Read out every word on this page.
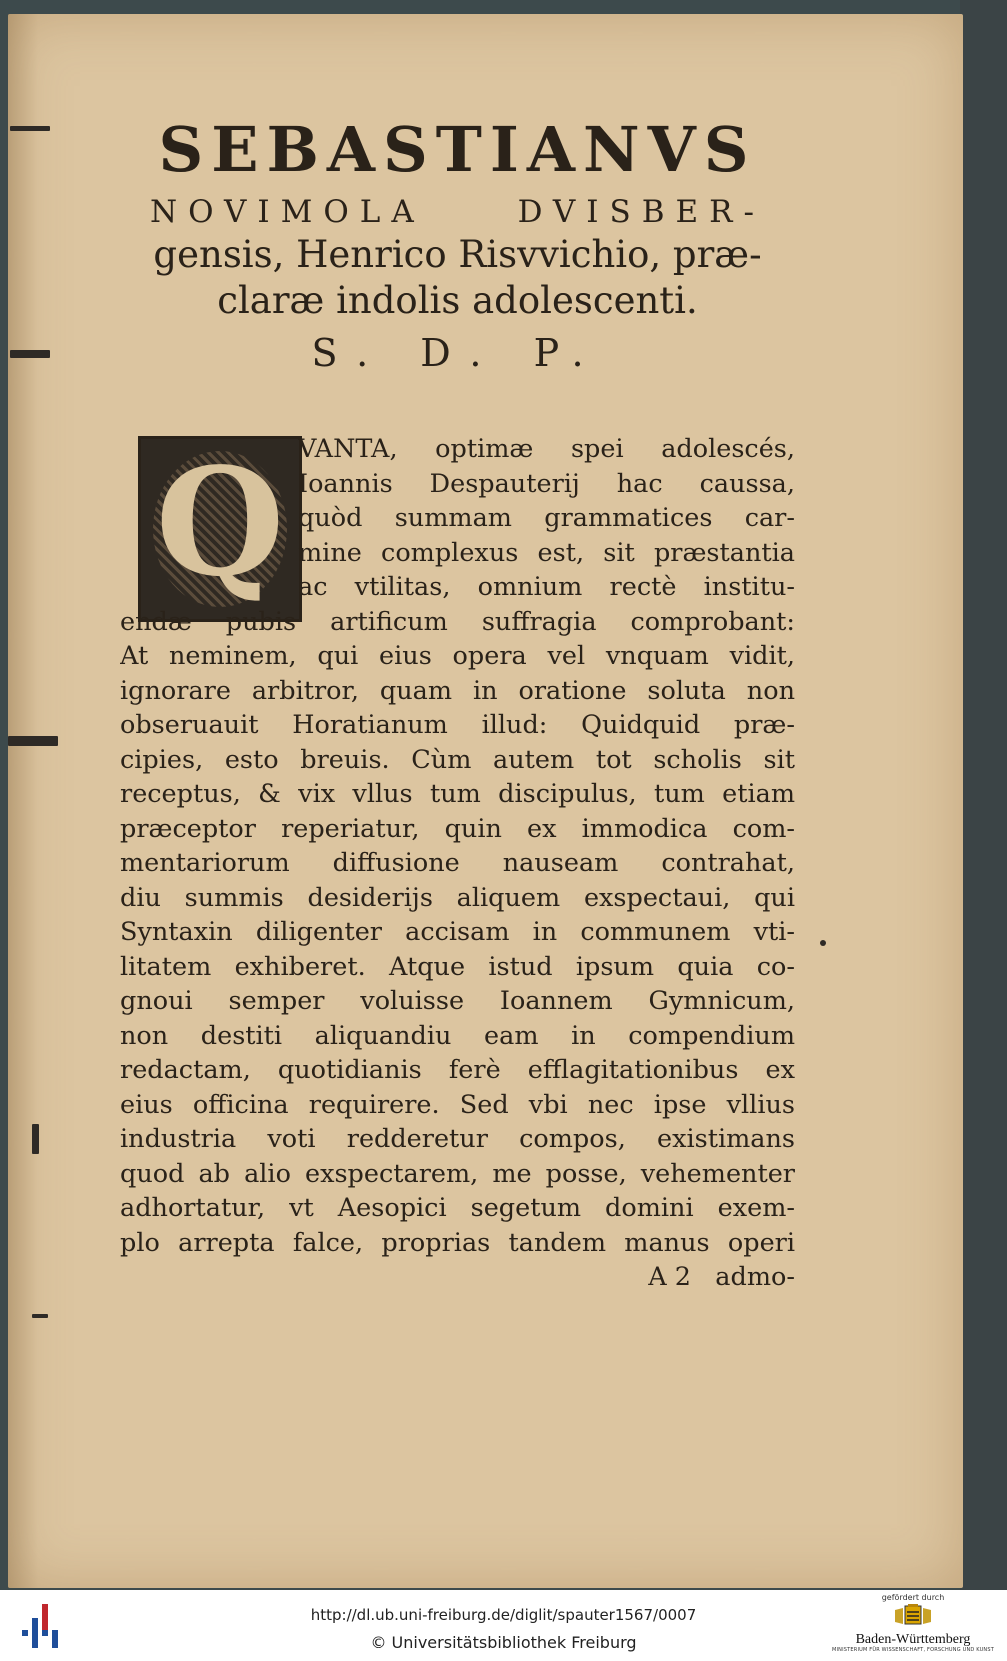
SEBASTIANVS
NOVIMOLA DVISBER-
gensis, Henrico Risvvichio, præ-
claræ indolis adolescenti.
S. D. P.
Q VANTA, optimæ spei adolescés,
Ioannis Despauterij hac caussa,
quòd summam grammatices car-
mine complexus est, sit præstantia
ac vtilitas, omnium rectè institu-
endæ pubis artificum suffragia comprobant:
At neminem, qui eius opera vel vnquam vidit,
ignorare arbitror, quam in oratione soluta non
obseruauit Horatianum illud: Quidquid præ-
cipies, esto breuis. Cùm autem tot scholis sit
receptus, & vix vllus tum discipulus, tum etiam
præceptor reperiatur, quin ex immodica com-
mentariorum diffusione nauseam contrahat,
diu summis desiderijs aliquem exspectaui, qui
Syntaxin diligenter accisam in communem vti-
litatem exhiberet. Atque istud ipsum quia co-
gnoui semper voluisse Ioannem Gymnicum,
non destiti aliquandiu eam in compendium
redactam, quotidianis ferè efflagitationibus ex
eius officina requirere. Sed vbi nec ipse vllius
industria voti redderetur compos, existimans
quod ab alio exspectarem, me posse, vehementer
adhortatur, vt Aesopici segetum domini exem-
plo arrepta falce, proprias tandem manus operi
A 2   admo-
http://dl.ub.uni-freiburg.de/diglit/spauter1567/0007
© Universitätsbibliothek Freiburg
gefördert durch
Baden-Württemberg
MINISTERIUM FÜR WISSENSCHAFT, FORSCHUNG UND KUNST
